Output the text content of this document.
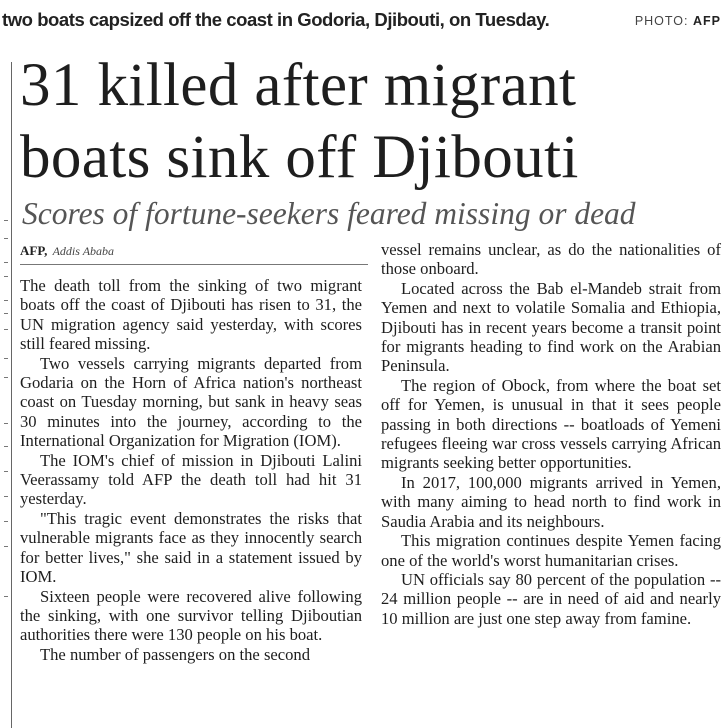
two boats capsized off the coast in Godoria, Djibouti, on Tuesday.	PHOTO: AFP
31 killed after migrant
boats sink off Djibouti
Scores of fortune-seekers feared missing or dead
AFP, Addis Ababa

The death toll from the sinking of two migrant boats off the coast of Djibouti has risen to 31, the UN migration agency said yesterday, with scores still feared missing.

Two vessels carrying migrants departed from Godaria on the Horn of Africa nation's northeast coast on Tuesday morning, but sank in heavy seas 30 minutes into the journey, according to the International Organization for Migration (IOM).

The IOM's chief of mission in Djibouti Lalini Veerassamy told AFP the death toll had hit 31 yesterday.

"This tragic event demonstrates the risks that vulnerable migrants face as they innocently search for better lives," she said in a statement issued by IOM.

Sixteen people were recovered alive following the sinking, with one survivor telling Djiboutian authorities there were 130 people on his boat.

The number of passengers on the second

vessel remains unclear, as do the nationalities of those onboard.

Located across the Bab el-Mandeb strait from Yemen and next to volatile Somalia and Ethiopia, Djibouti has in recent years become a transit point for migrants heading to find work on the Arabian Peninsula.

The region of Obock, from where the boat set off for Yemen, is unusual in that it sees people passing in both directions -- boatloads of Yemeni refugees fleeing war cross vessels carrying African migrants seeking better opportunities.

In 2017, 100,000 migrants arrived in Yemen, with many aiming to head north to find work in Saudia Arabia and its neighbours.

This migration continues despite Yemen facing one of the world's worst humanitarian crises.

UN officials say 80 percent of the population -- 24 million people -- are in need of aid and nearly 10 million are just one step away from famine.
